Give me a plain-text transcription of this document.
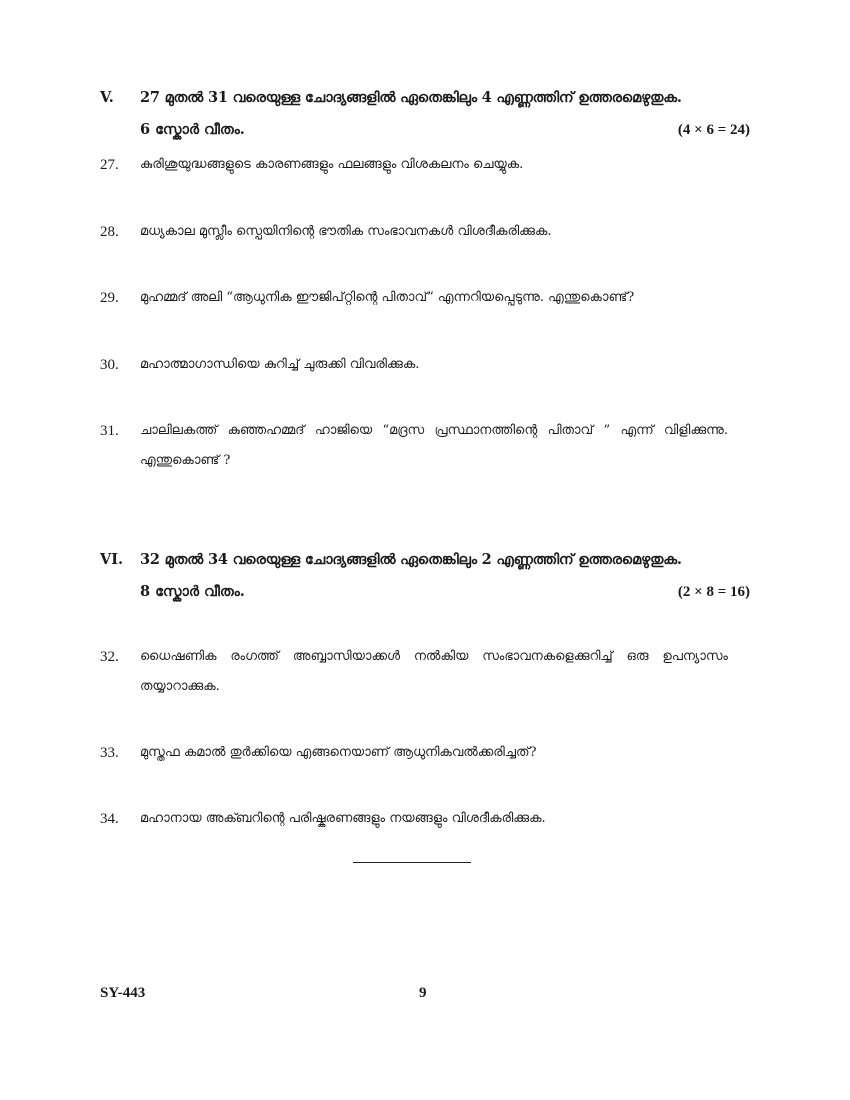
V. 27 മുതൽ 31 വരെയുള്ള ചോദ്യങ്ങളിൽ ഏതെങ്കിലും 4 എണ്ണത്തിന് ഉത്തരമെഴുതുക.
6 സ്കോർ വീതം.	(4 × 6 = 24)
27. കുരിശുയുദ്ധങ്ങളുടെ കാരണങ്ങളും ഫലങ്ങളും വിശകലനം ചെയ്യുക.
28. മധ്യകാല മുസ്ലീം സ്പെയിനിന്റെ ഭൗതിക സംഭാവനകൾ വിശദീകരിക്കുക.
29. മുഹമ്മദ് അലി “ആധുനിക ഈജിപ്റ്റിന്റെ പിതാവ്” എന്നറിയപ്പെടുന്നു. എന്തുകൊണ്ട്?
30. മഹാത്മാഗാന്ധിയെ കുറിച്ച് ചുരുക്കി വിവരിക്കുക.
31. ചാലിലകത്ത് കുഞ്ഞഹമ്മദ് ഹാജിയെ “മദ്രസ പ്രസ്ഥാനത്തിന്റെ പിതാവ് ” എന്ന് വിളിക്കുന്നു. എന്തുകൊണ്ട് ?
VI. 32 മുതൽ 34 വരെയുള്ള ചോദ്യങ്ങളിൽ ഏതെങ്കിലും 2 എണ്ണത്തിന് ഉത്തരമെഴുതുക.
8 സ്കോർ വീതം.	(2 × 8 = 16)
32. ധൈഷണിക രംഗത്ത് അബ്ബാസിയാക്കൾ നൽകിയ സംഭാവനകളെക്കുറിച്ച് ഒരു ഉപന്യാസം തയ്യാറാക്കുക.
33. മുസ്തഫ കമാൽ തുർക്കിയെ എങ്ങനെയാണ് ആധുനികവൽക്കരിച്ചത്?
34. മഹാനായ അക്ബറിന്റെ പരിഷ്കരണങ്ങളും നയങ്ങളും വിശദീകരിക്കുക.
SY-443	9
